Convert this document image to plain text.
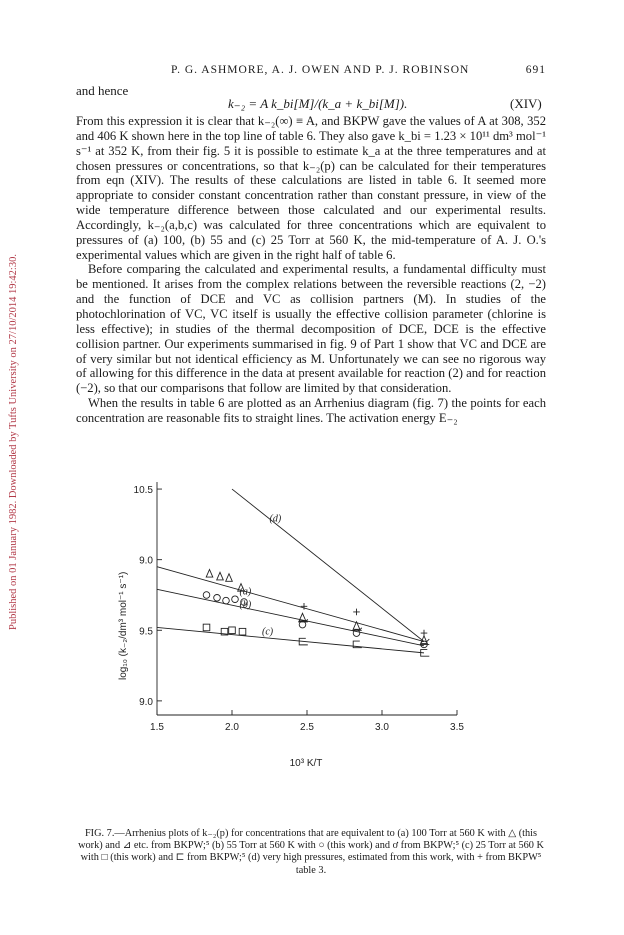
Published on 01 January 1982. Downloaded by Tufts University on 27/10/2014 19:42:30.
P. G. ASHMORE, A. J. OWEN AND P. J. ROBINSON	691
and hence
k₋₂ = A k_bi[M]/(k_a + k_bi[M]).	(XIV)

From this expression it is clear that k₋₂(∞) ≡ A, and BKPW gave the values of A at 308, 352 and 406 K shown here in the top line of table 6. They also gave k_bi = 1.23 × 10¹¹ dm³ mol⁻¹ s⁻¹ at 352 K, from their fig. 5 it is possible to estimate k_a at the three temperatures and at chosen pressures or concentrations, so that k₋₂(p) can be calculated for their temperatures from eqn (XIV). The results of these calculations are listed in table 6. It seemed more appropriate to consider constant concentration rather than constant pressure, in view of the wide temperature difference between those calculated and our experimental results. Accordingly, k₋₂(a,b,c) was calculated for three concentrations which are equivalent to pressures of (a) 100, (b) 55 and (c) 25 Torr at 560 K, the mid-temperature of A. J. O.'s experimental values which are given in the right half of table 6.

Before comparing the calculated and experimental results, a fundamental difficulty must be mentioned. It arises from the complex relations between the reversible reactions (2, −2) and the function of DCE and VC as collision partners (M). In studies of the photochlorination of VC, VC itself is usually the effective collision parameter (chlorine is less effective); in studies of the thermal decomposition of DCE, DCE is the effective collision partner. Our experiments summarised in fig. 9 of Part 1 show that VC and DCE are of very similar but not identical efficiency as M. Unfortunately we can see no rigorous way of allowing for this difference in the data at present available for reaction (2) and for reaction (−2), so that our comparisons that follow are limited by that consideration.

When the results in table 6 are plotted as an Arrhenius diagram (fig. 7) the points for each concentration are reasonable fits to straight lines. The activation energy E₋₂

1.5	2.0	2.5	3.0	3.5
10.5
9.0
9.5
9.0
(a)
(b)
(c)
(d)
log₁₀ (k₋₂/dm³ mol⁻¹ s⁻¹)
10³ K/T
FIG. 7.—Arrhenius plots of k₋₂(p) for concentrations that are equivalent to (a) 100 Torr at 560 K with △ (this work) and ⊿ etc. from BKPW;⁵ (b) 55 Torr at 560 K with ○ (this work) and ơ from BKPW;⁵ (c) 25 Torr at 560 K with □ (this work) and ⊏ from BKPW;⁵ (d) very high pressures, estimated from this work, with + from BKPW⁵ table 3.
